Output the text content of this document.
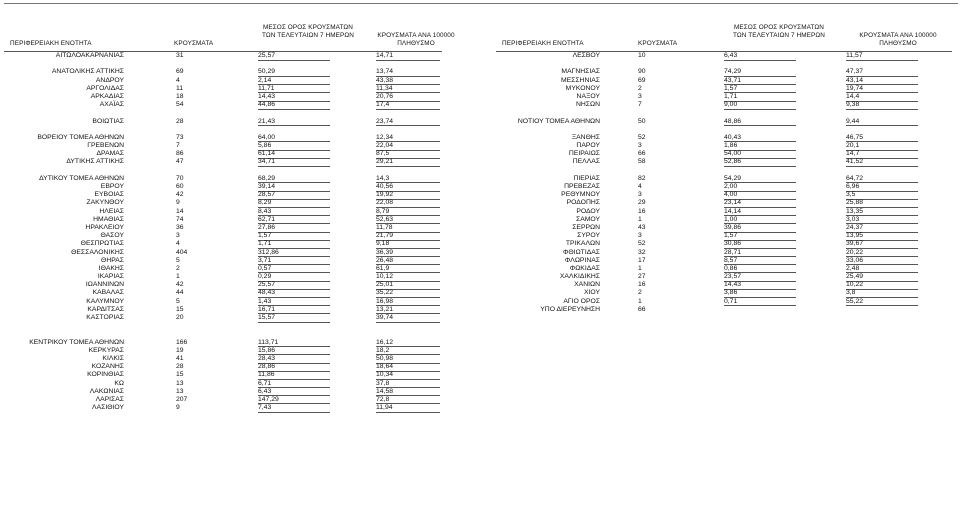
ΠΕΡΙΦΕΡΕΙΑΚΗ ΕΝΟΤΗΤΑ	ΚΡΟΥΣΜΑΤΑ
ΜΕΣΟΣ ΟΡΟΣ ΚΡΟΥΣΜΑΤΩΝ
ΤΩΝ ΤΕΛΕΥΤΑΙΩΝ 7 ΗΜΕΡΩΝ	ΚΡΟΥΣΜΑΤΑ ΑΝΑ 100000
ΠΛΗΘΥΣΜΟ
ΑΙΤΩΛΟΑΚΑΡΝΑΝΙΑΣ	31	25,57	14,71
ΑΝΑΤΟΛΙΚΗΣ ΑΤΤΙΚΗΣ	69	50,29	13,74
ΑΝΔΡΟΥ	4	2,14	43,38
ΑΡΓΟΛΙΔΑΣ	11	11,71	11,34
ΑΡΚΑΔΙΑΣ	18	14,43	20,76
ΑΧΑΪΑΣ	54	44,86	17,4
ΒΟΙΩΤΙΑΣ	28	21,43	23,74
ΒΟΡΕΙΟΥ ΤΟΜΕΑ ΑΘΗΝΩΝ	73	64,00	12,34
ΓΡΕΒΕΝΩΝ	7	5,86	22,04
ΔΡΑΜΑΣ	86	61,14	87,5
ΔΥΤΙΚΗΣ ΑΤΤΙΚΗΣ	47	34,71	29,21
ΔΥΤΙΚΟΥ ΤΟΜΕΑ ΑΘΗΝΩΝ	70	68,29	14,3
ΕΒΡΟΥ	60	39,14	40,56
ΕΥΒΟΙΑΣ	42	28,57	19,92
ΖΑΚΥΝΘΟΥ	9	8,29	22,08
ΗΛΕΙΑΣ	14	8,43	8,79
ΗΜΑΘΙΑΣ	74	62,71	52,63
ΗΡΑΚΛΕΙΟΥ	36	27,86	11,78
ΘΑΣΟΥ	3	1,57	21,79
ΘΕΣΠΡΩΤΙΑΣ	4	1,71	9,18
ΘΕΣΣΑΛΟΝΙΚΗΣ	404	312,86	36,39
ΘΗΡΑΣ	5	3,71	26,48
ΙΘΑΚΗΣ	2	0,57	61,9
ΙΚΑΡΙΑΣ	1	0,29	10,12
ΙΩΑΝΝΙΝΩΝ	42	25,57	25,01
ΚΑΒΑΛΑΣ	44	48,43	35,22
ΚΑΛΥΜΝΟΥ	5	1,43	16,98
ΚΑΡΔΙΤΣΑΣ	15	16,71	13,21
ΚΑΣΤΟΡΙΑΣ	20	15,57	39,74
ΚΕΝΤΡΙΚΟΥ ΤΟΜΕΑ ΑΘΗΝΩΝ	166	113,71	16,12
ΚΕΡΚΥΡΑΣ	19	15,86	18,2
ΚΙΛΚΙΣ	41	28,43	50,98
ΚΟΖΑΝΗΣ	28	28,86	18,64
ΚΟΡΙΝΘΙΑΣ	15	11,86	10,34
ΚΩ	13	6,71	37,8
ΛΑΚΩΝΙΑΣ	13	6,43	14,58
ΛΑΡΙΣΑΣ	207	147,29	72,8
ΛΑΣΙΘΙΟΥ	9	7,43	11,94
ΠΕΡΙΦΕΡΕΙΑΚΗ ΕΝΟΤΗΤΑ	ΚΡΟΥΣΜΑΤΑ
ΜΕΣΟΣ ΟΡΟΣ ΚΡΟΥΣΜΑΤΩΝ
ΤΩΝ ΤΕΛΕΥΤΑΙΩΝ 7 ΗΜΕΡΩΝ	ΚΡΟΥΣΜΑΤΑ ΑΝΑ 100000
ΠΛΗΘΥΣΜΟ
ΛΕΣΒΟΥ	10	6,43	11,57
ΜΑΓΝΗΣΙΑΣ	90	74,29	47,37
ΜΕΣΣΗΝΙΑΣ	69	43,71	43,14
ΜΥΚΟΝΟΥ	2	1,57	19,74
ΝΑΞΟΥ	3	1,71	14,4
ΝΗΣΩΝ	7	9,00	9,38
ΝΟΤΙΟΥ ΤΟΜΕΑ ΑΘΗΝΩΝ	50	48,86	9,44
ΞΑΝΘΗΣ	52	40,43	46,75
ΠΑΡΟΥ	3	1,86	20,1
ΠΕΙΡΑΙΩΣ	66	54,00	14,7
ΠΕΛΛΑΣ	58	52,86	41,52
ΠΙΕΡΙΑΣ	82	54,29	64,72
ΠΡΕΒΕΖΑΣ	4	2,00	6,96
ΡΕΘΥΜΝΟΥ	3	4,00	3,5
ΡΟΔΟΠΗΣ	29	23,14	25,88
ΡΟΔΟΥ	16	14,14	13,35
ΣΑΜΟΥ	1	1,00	3,03
ΣΕΡΡΩΝ	43	39,86	24,37
ΣΥΡΟΥ	3	1,57	13,95
ΤΡΙΚΑΛΩΝ	52	30,86	39,67
ΦΘΙΩΤΙΔΑΣ	32	28,71	20,22
ΦΛΩΡΙΝΑΣ	17	8,57	33,06
ΦΩΚΙΔΑΣ	1	0,86	2,48
ΧΑΛΚΙΔΙΚΗΣ	27	23,57	25,49
ΧΑΝΙΩΝ	16	14,43	10,22
ΧΙΟΥ	2	3,86	3,8
ΑΓΙΟ ΟΡΟΣ	1	0,71	55,22
ΥΠΟ ΔΙΕΡΕΥΝΗΣΗ	66
